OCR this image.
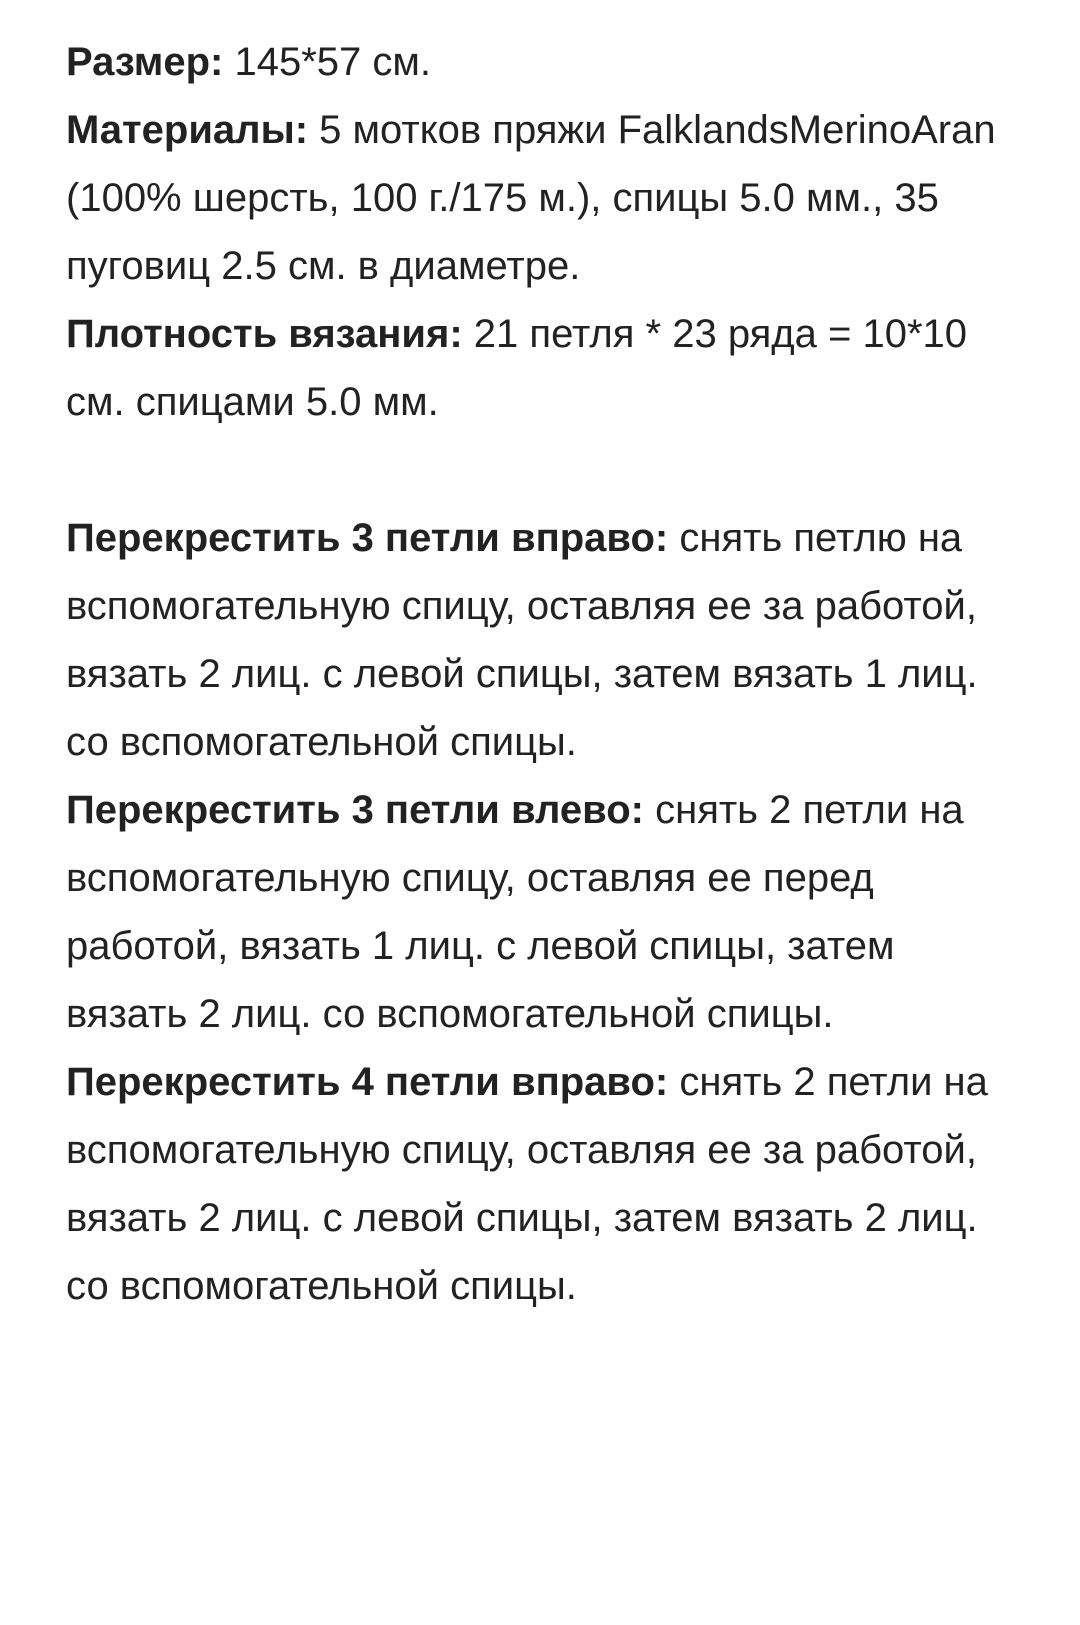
Размер: 145*57 см.

Материалы: 5 мотков пряжи FalklandsMerinoAran (100% шерсть, 100 г./175 м.), спицы 5.0 мм., 35 пуговиц 2.5 см. в диаметре.

Плотность вязания: 21 петля * 23 ряда = 10*10 см. спицами 5.0 мм.

Перекрестить 3 петли вправо: снять петлю на вспомогательную спицу, оставляя ее за работой, вязать 2 лиц. с левой спицы, затем вязать 1 лиц. со вспомогательной спицы.

Перекрестить 3 петли влево: снять 2 петли на вспомогательную спицу, оставляя ее перед работой, вязать 1 лиц. с левой спицы, затем вязать 2 лиц. со вспомогательной спицы.

Перекрестить 4 петли вправо: снять 2 петли на вспомогательную спицу, оставляя ее за работой, вязать 2 лиц. с левой спицы, затем вязать 2 лиц. со вспомогательной спицы.
